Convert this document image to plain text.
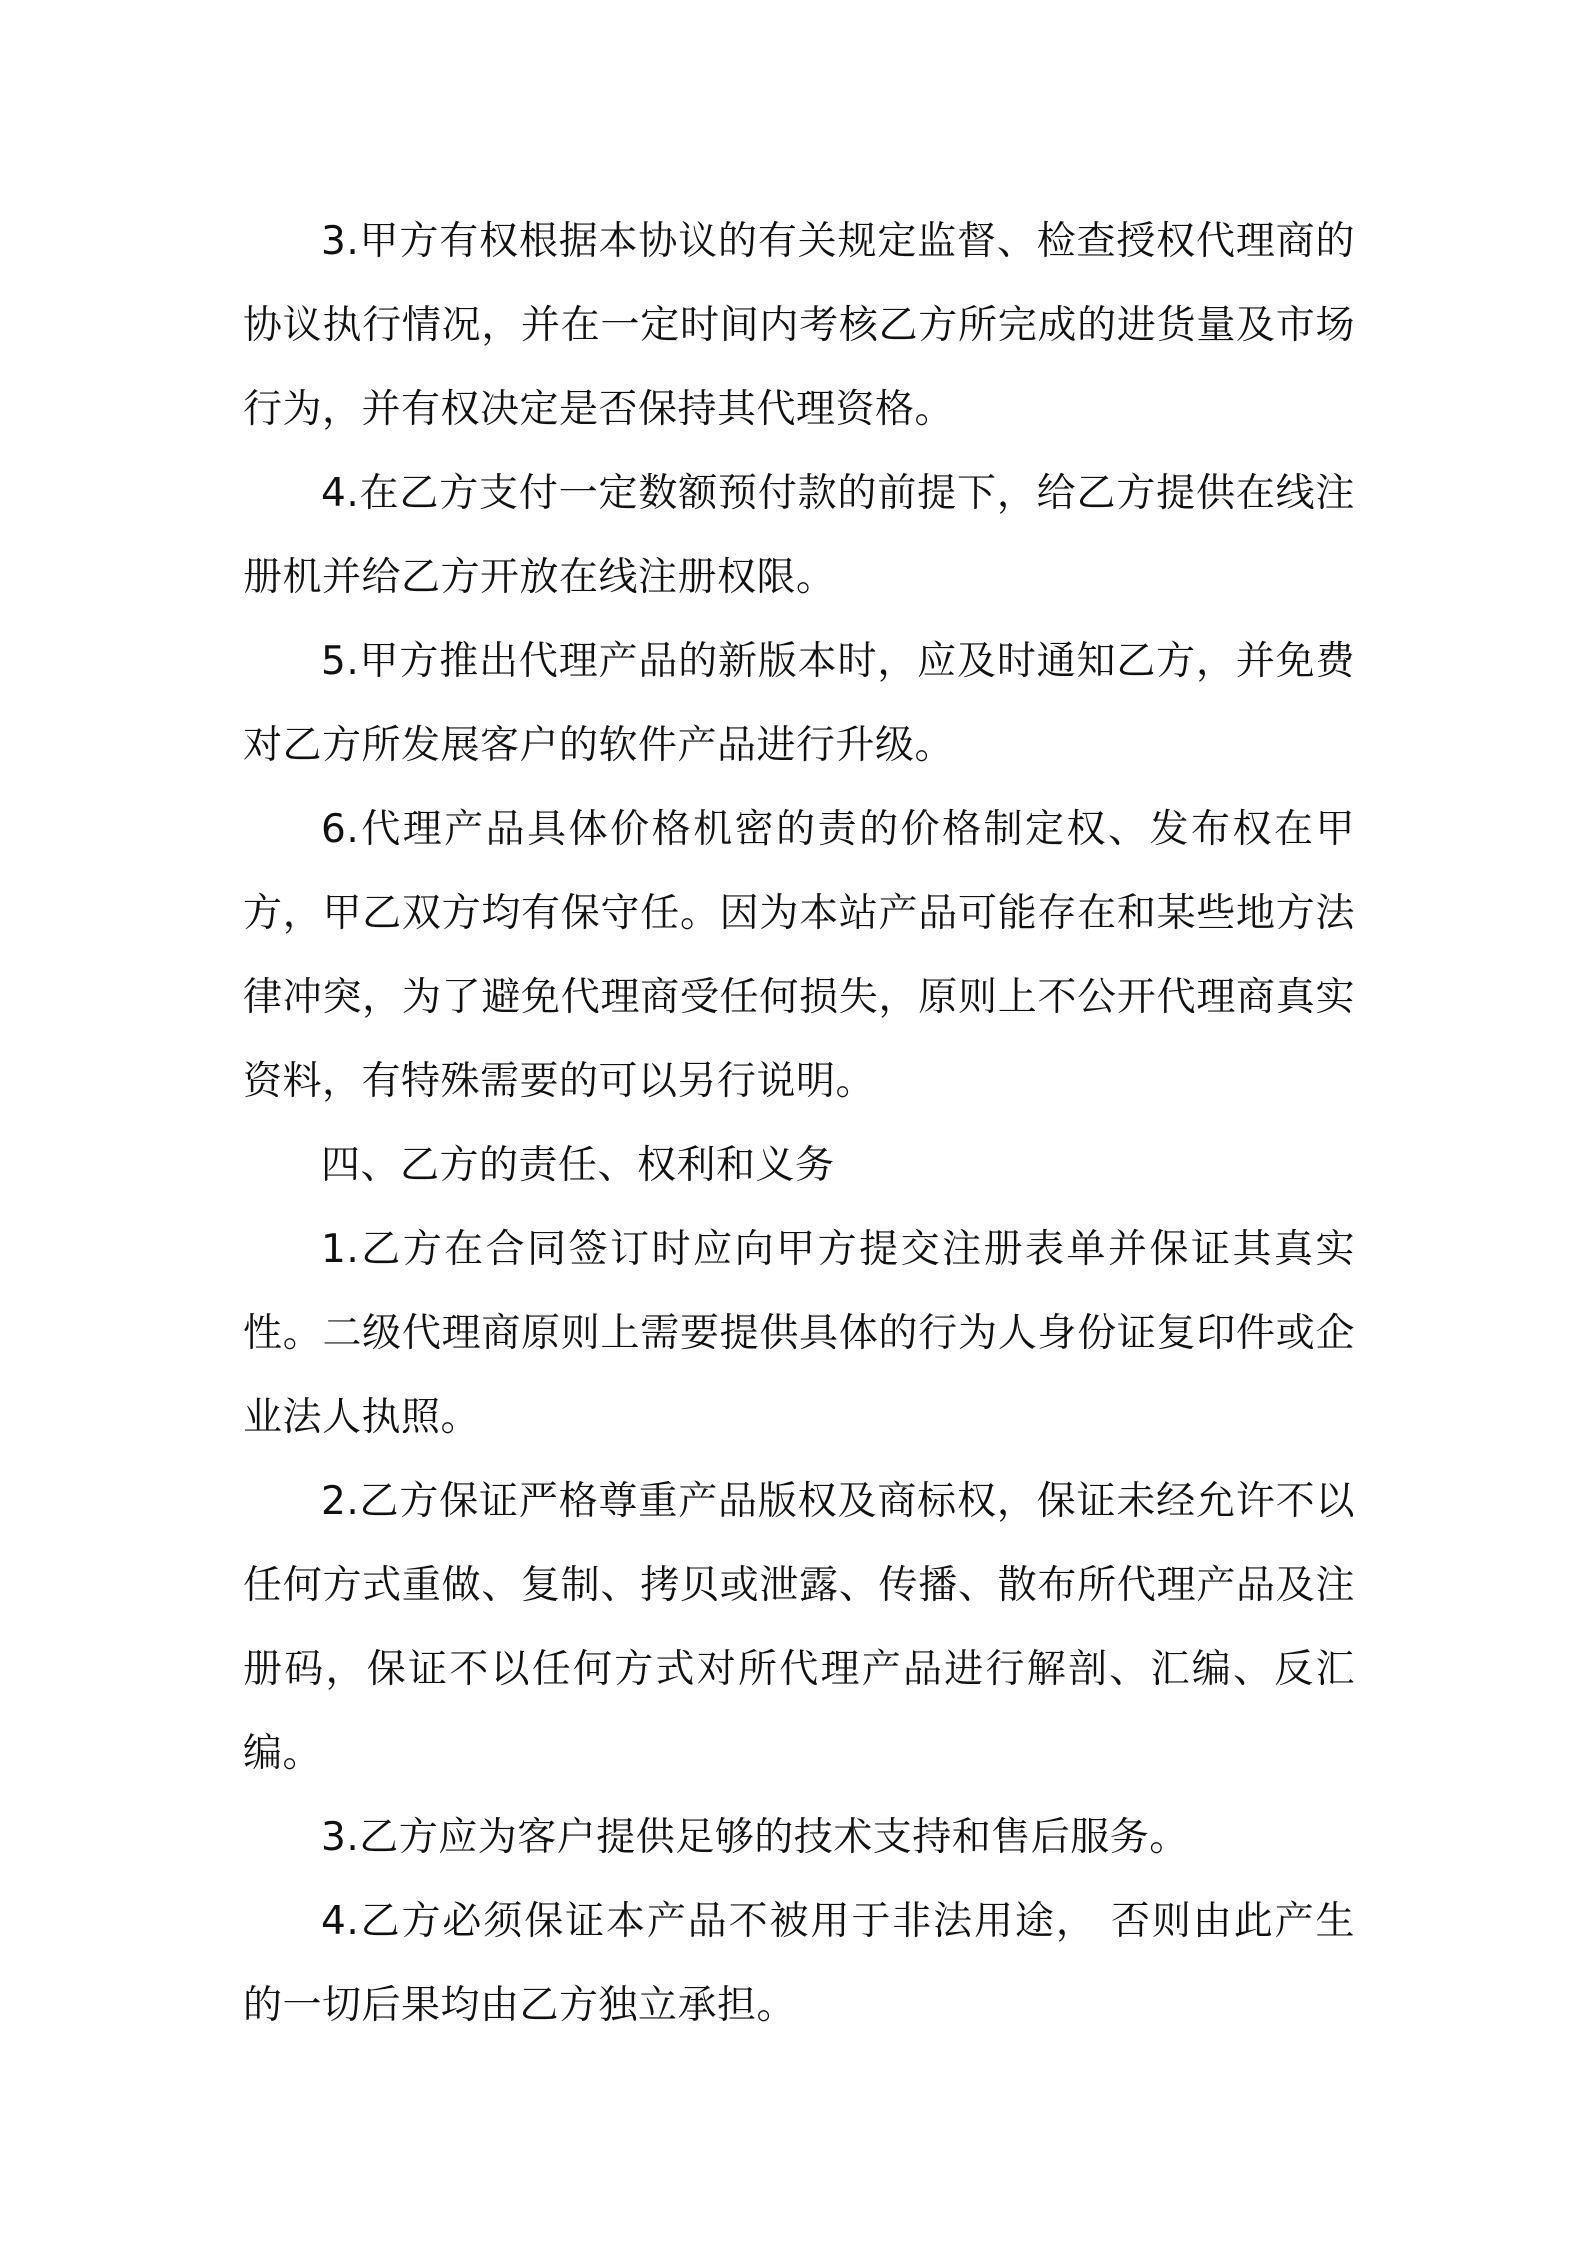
3.甲方有权根据本协议的有关规定监督、检查授权代理商的协议执行情况，并在一定时间内考核乙方所完成的进货量及市场行为，并有权决定是否保持其代理资格。

4.在乙方支付一定数额预付款的前提下，给乙方提供在线注册机并给乙方开放在线注册权限。

5.甲方推出代理产品的新版本时，应及时通知乙方，并免费对乙方所发展客户的软件产品进行升级。

6.代理产品具体价格机密的责的价格制定权、发布权在甲方，甲乙双方均有保守任。因为本站产品可能存在和某些地方法律冲突，为了避免代理商受任何损失，原则上不公开代理商真实资料，有特殊需要的可以另行说明。

四、乙方的责任、权利和义务

1.乙方在合同签订时应向甲方提交注册表单并保证其真实性。二级代理商原则上需要提供具体的行为人身份证复印件或企业法人执照。

2.乙方保证严格尊重产品版权及商标权，保证未经允许不以任何方式重做、复制、拷贝或泄露、传播、散布所代理产品及注册码，保证不以任何方式对所代理产品进行解剖、汇编、反汇编。

3.乙方应为客户提供足够的技术支持和售后服务。

4.乙方必须保证本产品不被用于非法用途， 否则由此产生的一切后果均由乙方独立承担。
